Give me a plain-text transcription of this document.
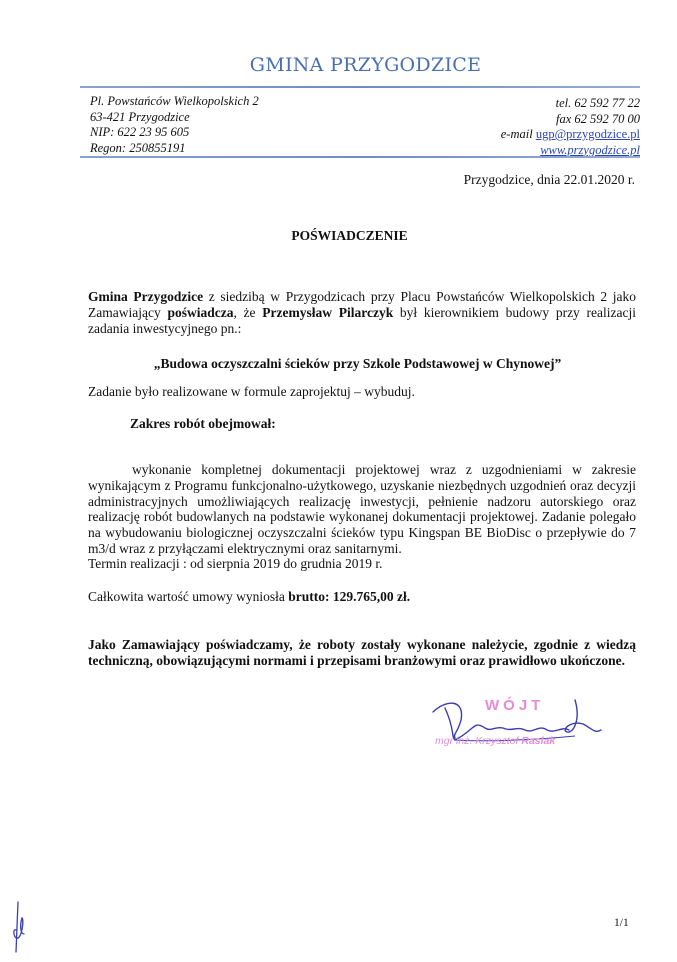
GMINA PRZYGODZICE
Pl. Powstańców Wielkopolskich 2
63-421 Przygodzice
NIP: 622 23 95 605
Regon: 250855191
tel. 62 592 77 22
fax 62 592 70 00
e-mail ugp@przygodzice.pl
www.przygodzice.pl
Przygodzice, dnia 22.01.2020 r.
POŚWIADCZENIE
Gmina Przygodzice z siedzibą w Przygodzicach przy Placu Powstańców Wielkopolskich 2 jako Zamawiający poświadcza, że Przemysław Pilarczyk był kierownikiem budowy przy realizacji zadania inwestycyjnego pn.:
„Budowa oczyszczalni ścieków przy Szkole Podstawowej w Chynowej”
Zadanie było realizowane w formule zaprojektuj – wybuduj.
Zakres robót obejmował:
wykonanie kompletnej dokumentacji projektowej wraz z uzgodnieniami w zakresie wynikającym z Programu funkcjonalno-użytkowego, uzyskanie niezbędnych uzgodnień oraz decyzji administracyjnych umożliwiających realizację inwestycji, pełnienie nadzoru autorskiego oraz realizację robót budowlanych na podstawie wykonanej dokumentacji projektowej. Zadanie polegało na wybudowaniu biologicznej oczyszczalni ścieków typu Kingspan BE BioDisc o przepływie do 7 m3/d wraz z przyłączami elektrycznymi oraz sanitarnymi.
Termin realizacji : od sierpnia 2019 do grudnia 2019 r.
Całkowita wartość umowy wyniosła brutto: 129.765,00 zł.
Jako Zamawiający poświadczamy, że roboty zostały wykonane należycie, zgodnie z wiedzą techniczną, obowiązującymi normami i przepisami branżowymi oraz prawidłowo ukończone.
WÓJT
mgr inż. Krzysztof Raslak
1/1
